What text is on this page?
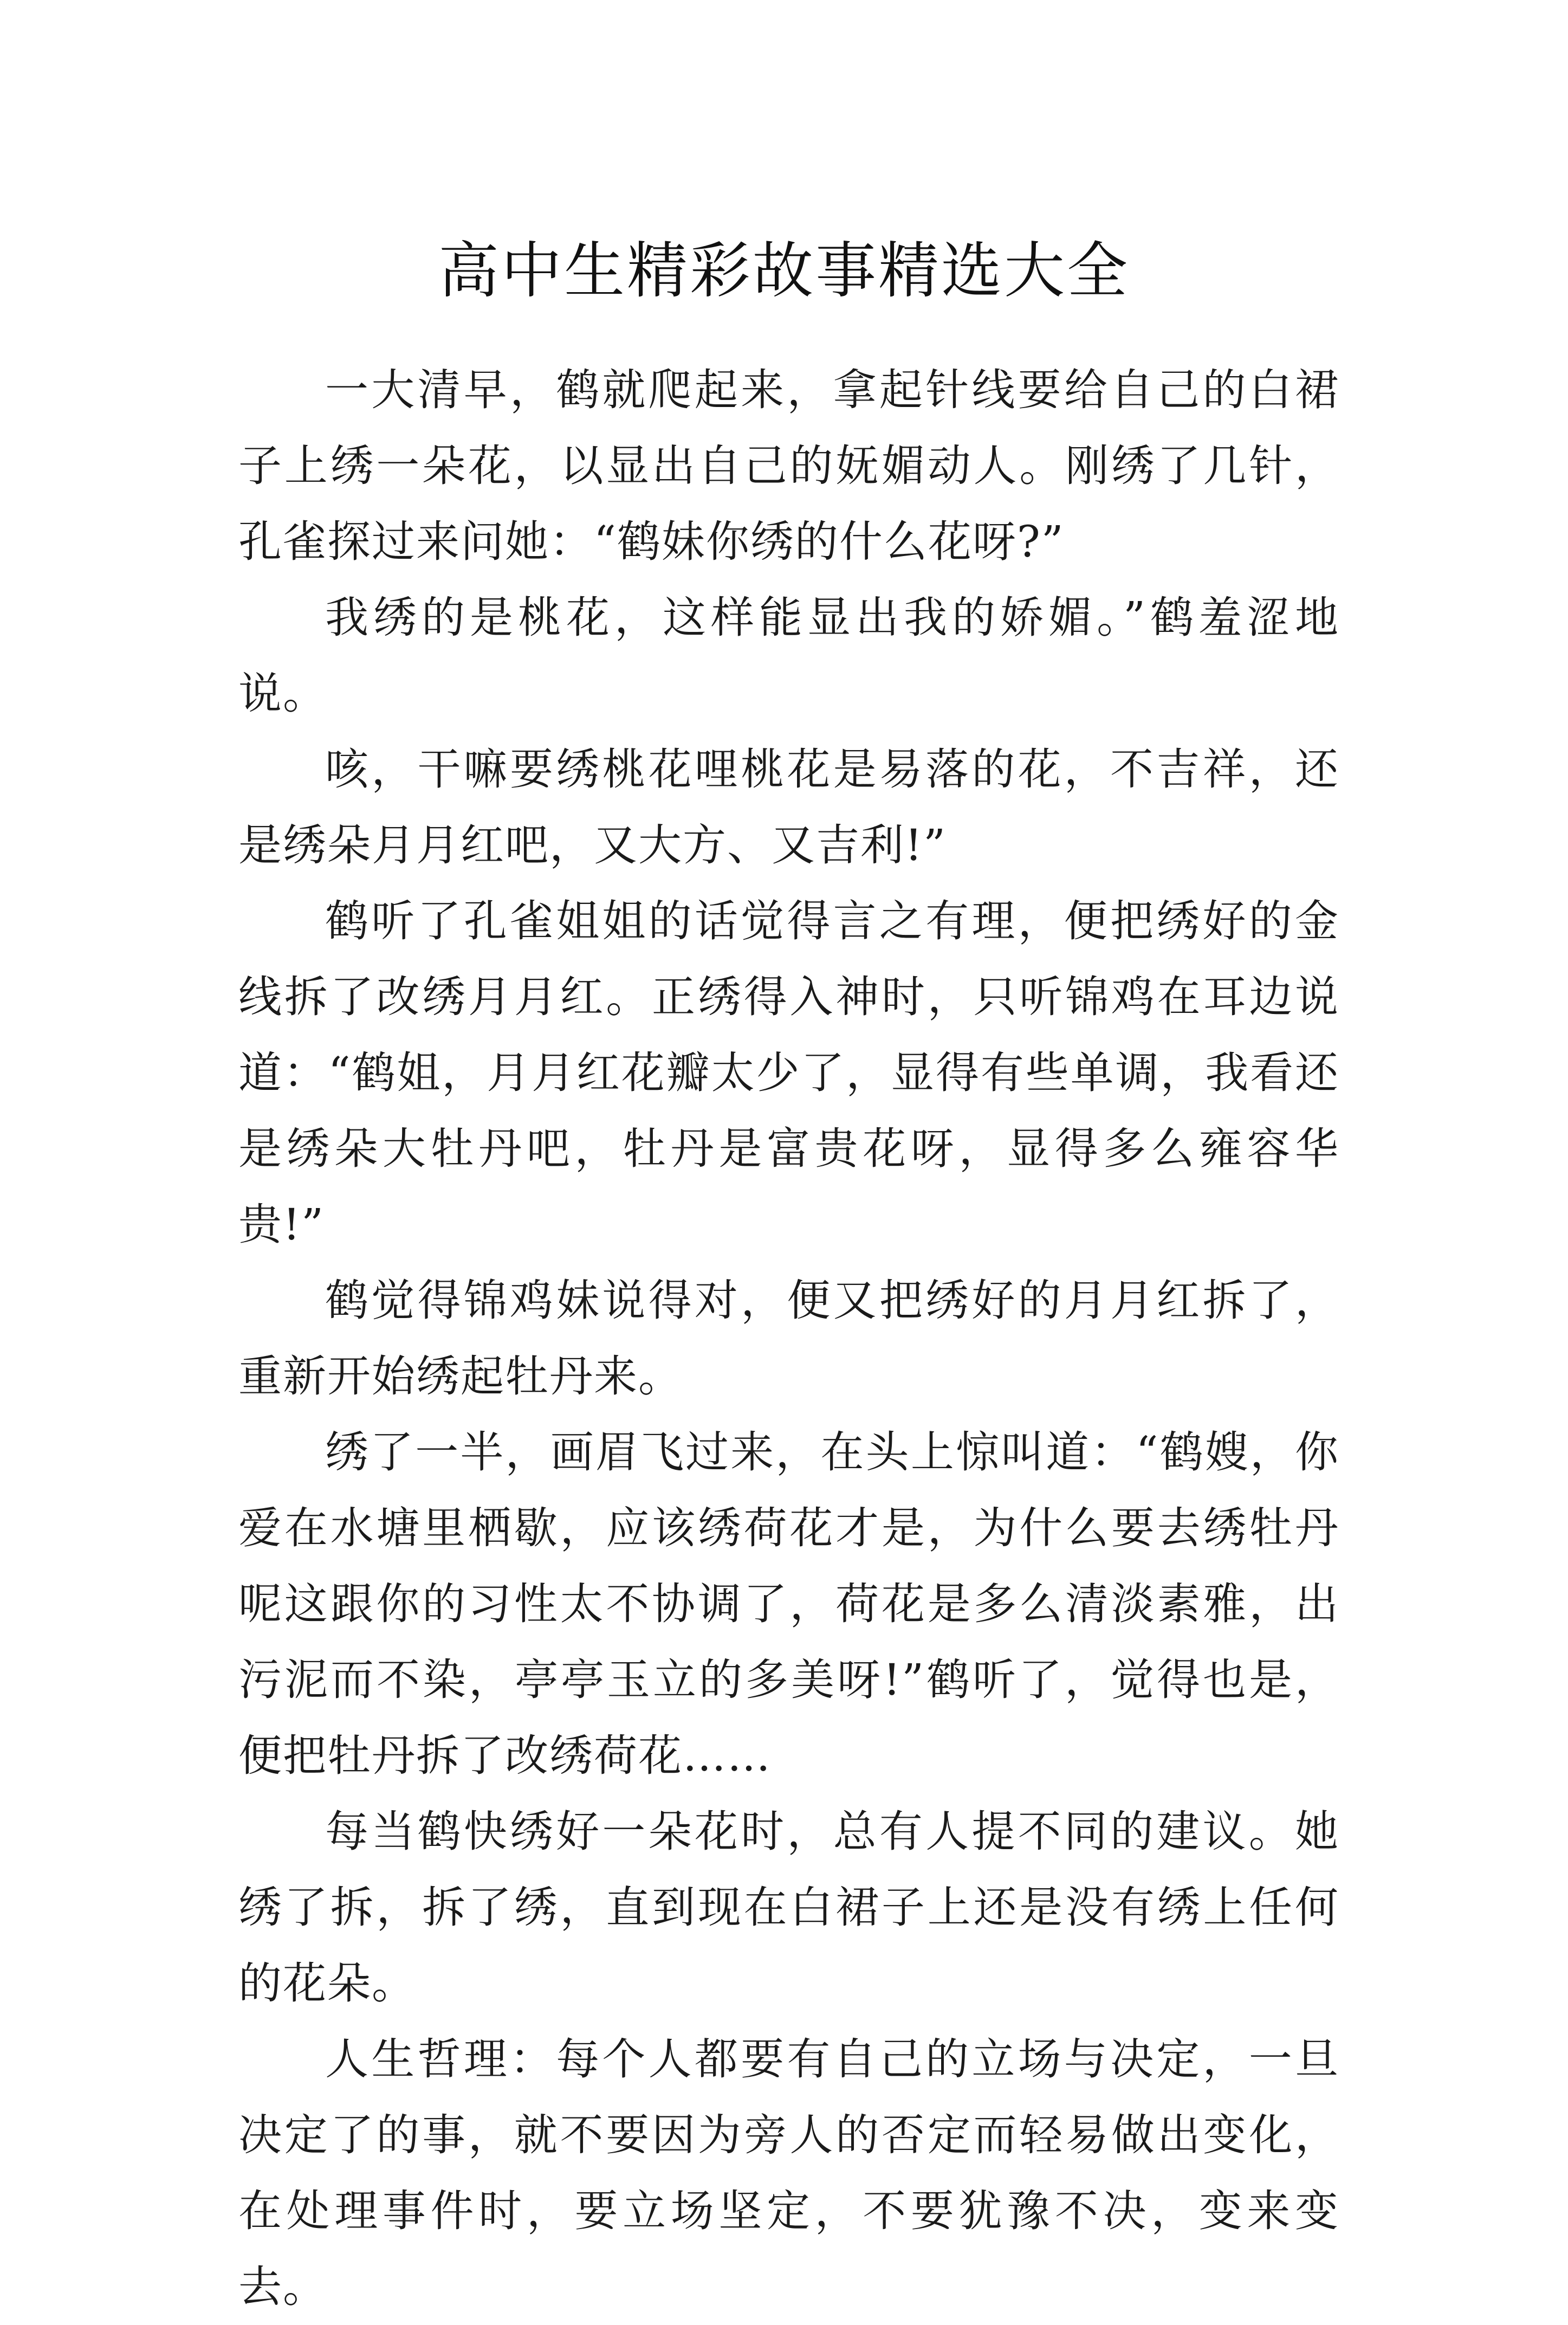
高中生精彩故事精选大全

一大清早，鹤就爬起来，拿起针线要给自己的白裙子上绣一朵花，以显出自己的妩媚动人。刚绣了几针，孔雀探过来问她：“鹤妹你绣的什么花呀?”

我绣的是桃花，这样能显出我的娇媚。”鹤羞涩地说。

咳，干嘛要绣桃花哩桃花是易落的花，不吉祥，还是绣朵月月红吧，又大方、又吉利!”

鹤听了孔雀姐姐的话觉得言之有理，便把绣好的金线拆了改绣月月红。正绣得入神时，只听锦鸡在耳边说道：“鹤姐，月月红花瓣太少了，显得有些单调，我看还是绣朵大牡丹吧，牡丹是富贵花呀，显得多么雍容华贵!”

鹤觉得锦鸡妹说得对，便又把绣好的月月红拆了，重新开始绣起牡丹来。

绣了一半，画眉飞过来，在头上惊叫道：“鹤嫂，你爱在水塘里栖歇，应该绣荷花才是，为什么要去绣牡丹呢这跟你的习性太不协调了，荷花是多么清淡素雅，出污泥而不染，亭亭玉立的多美呀!”鹤听了，觉得也是，便把牡丹拆了改绣荷花……

每当鹤快绣好一朵花时，总有人提不同的建议。她绣了拆，拆了绣，直到现在白裙子上还是没有绣上任何的花朵。

人生哲理：每个人都要有自己的立场与决定，一旦决定了的事，就不要因为旁人的否定而轻易做出变化，在处理事件时，要立场坚定，不要犹豫不决，变来变去。
